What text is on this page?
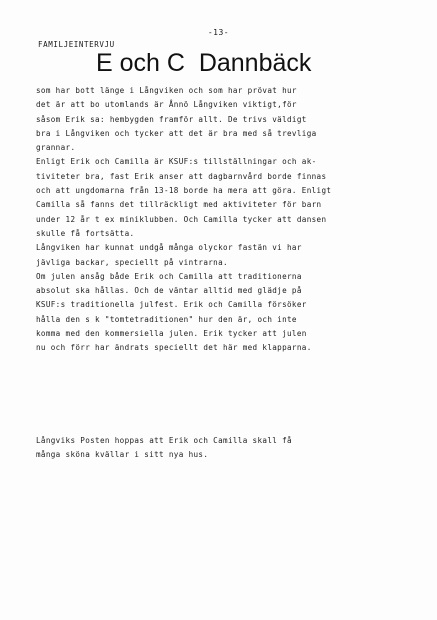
-13-
FAMILJEINTERVJU
E och C  Dannbäck
som har bott länge i Långviken och som har prövat hur
det är att bo utomlands är Ånnö Långviken viktigt,för
såsom Erik sa: hembygden framför allt. De trivs väldigt
bra i Långviken och tycker att det är bra med så trevliga
grannar.
Enligt Erik och Camilla är KSUF:s tillställningar och ak-
tiviteter bra, fast Erik anser att dagbarnvård borde finnas
och att ungdomarna från 13-18 borde ha mera att göra. Enligt
Camilla så fanns det tillräckligt med aktiviteter för barn
under 12 år t ex miniklubben. Och Camilla tycker att dansen
skulle få fortsätta.
Långviken har kunnat undgå många olyckor fastän vi har
jävliga backar, speciellt på vintrarna.
Om julen ansåg både Erik och Camilla att traditionerna
absolut ska hållas. Och de väntar alltid med glädje på
KSUF:s traditionella julfest. Erik och Camilla försöker
hålla den s k "tomtetraditionen" hur den är, och inte
komma med den kommersiella julen. Erik tycker att julen
nu och förr har ändrats speciellt det här med klapparna.
Långviks Posten hoppas att Erik och Camilla skall få
många sköna kvällar i sitt nya hus.
